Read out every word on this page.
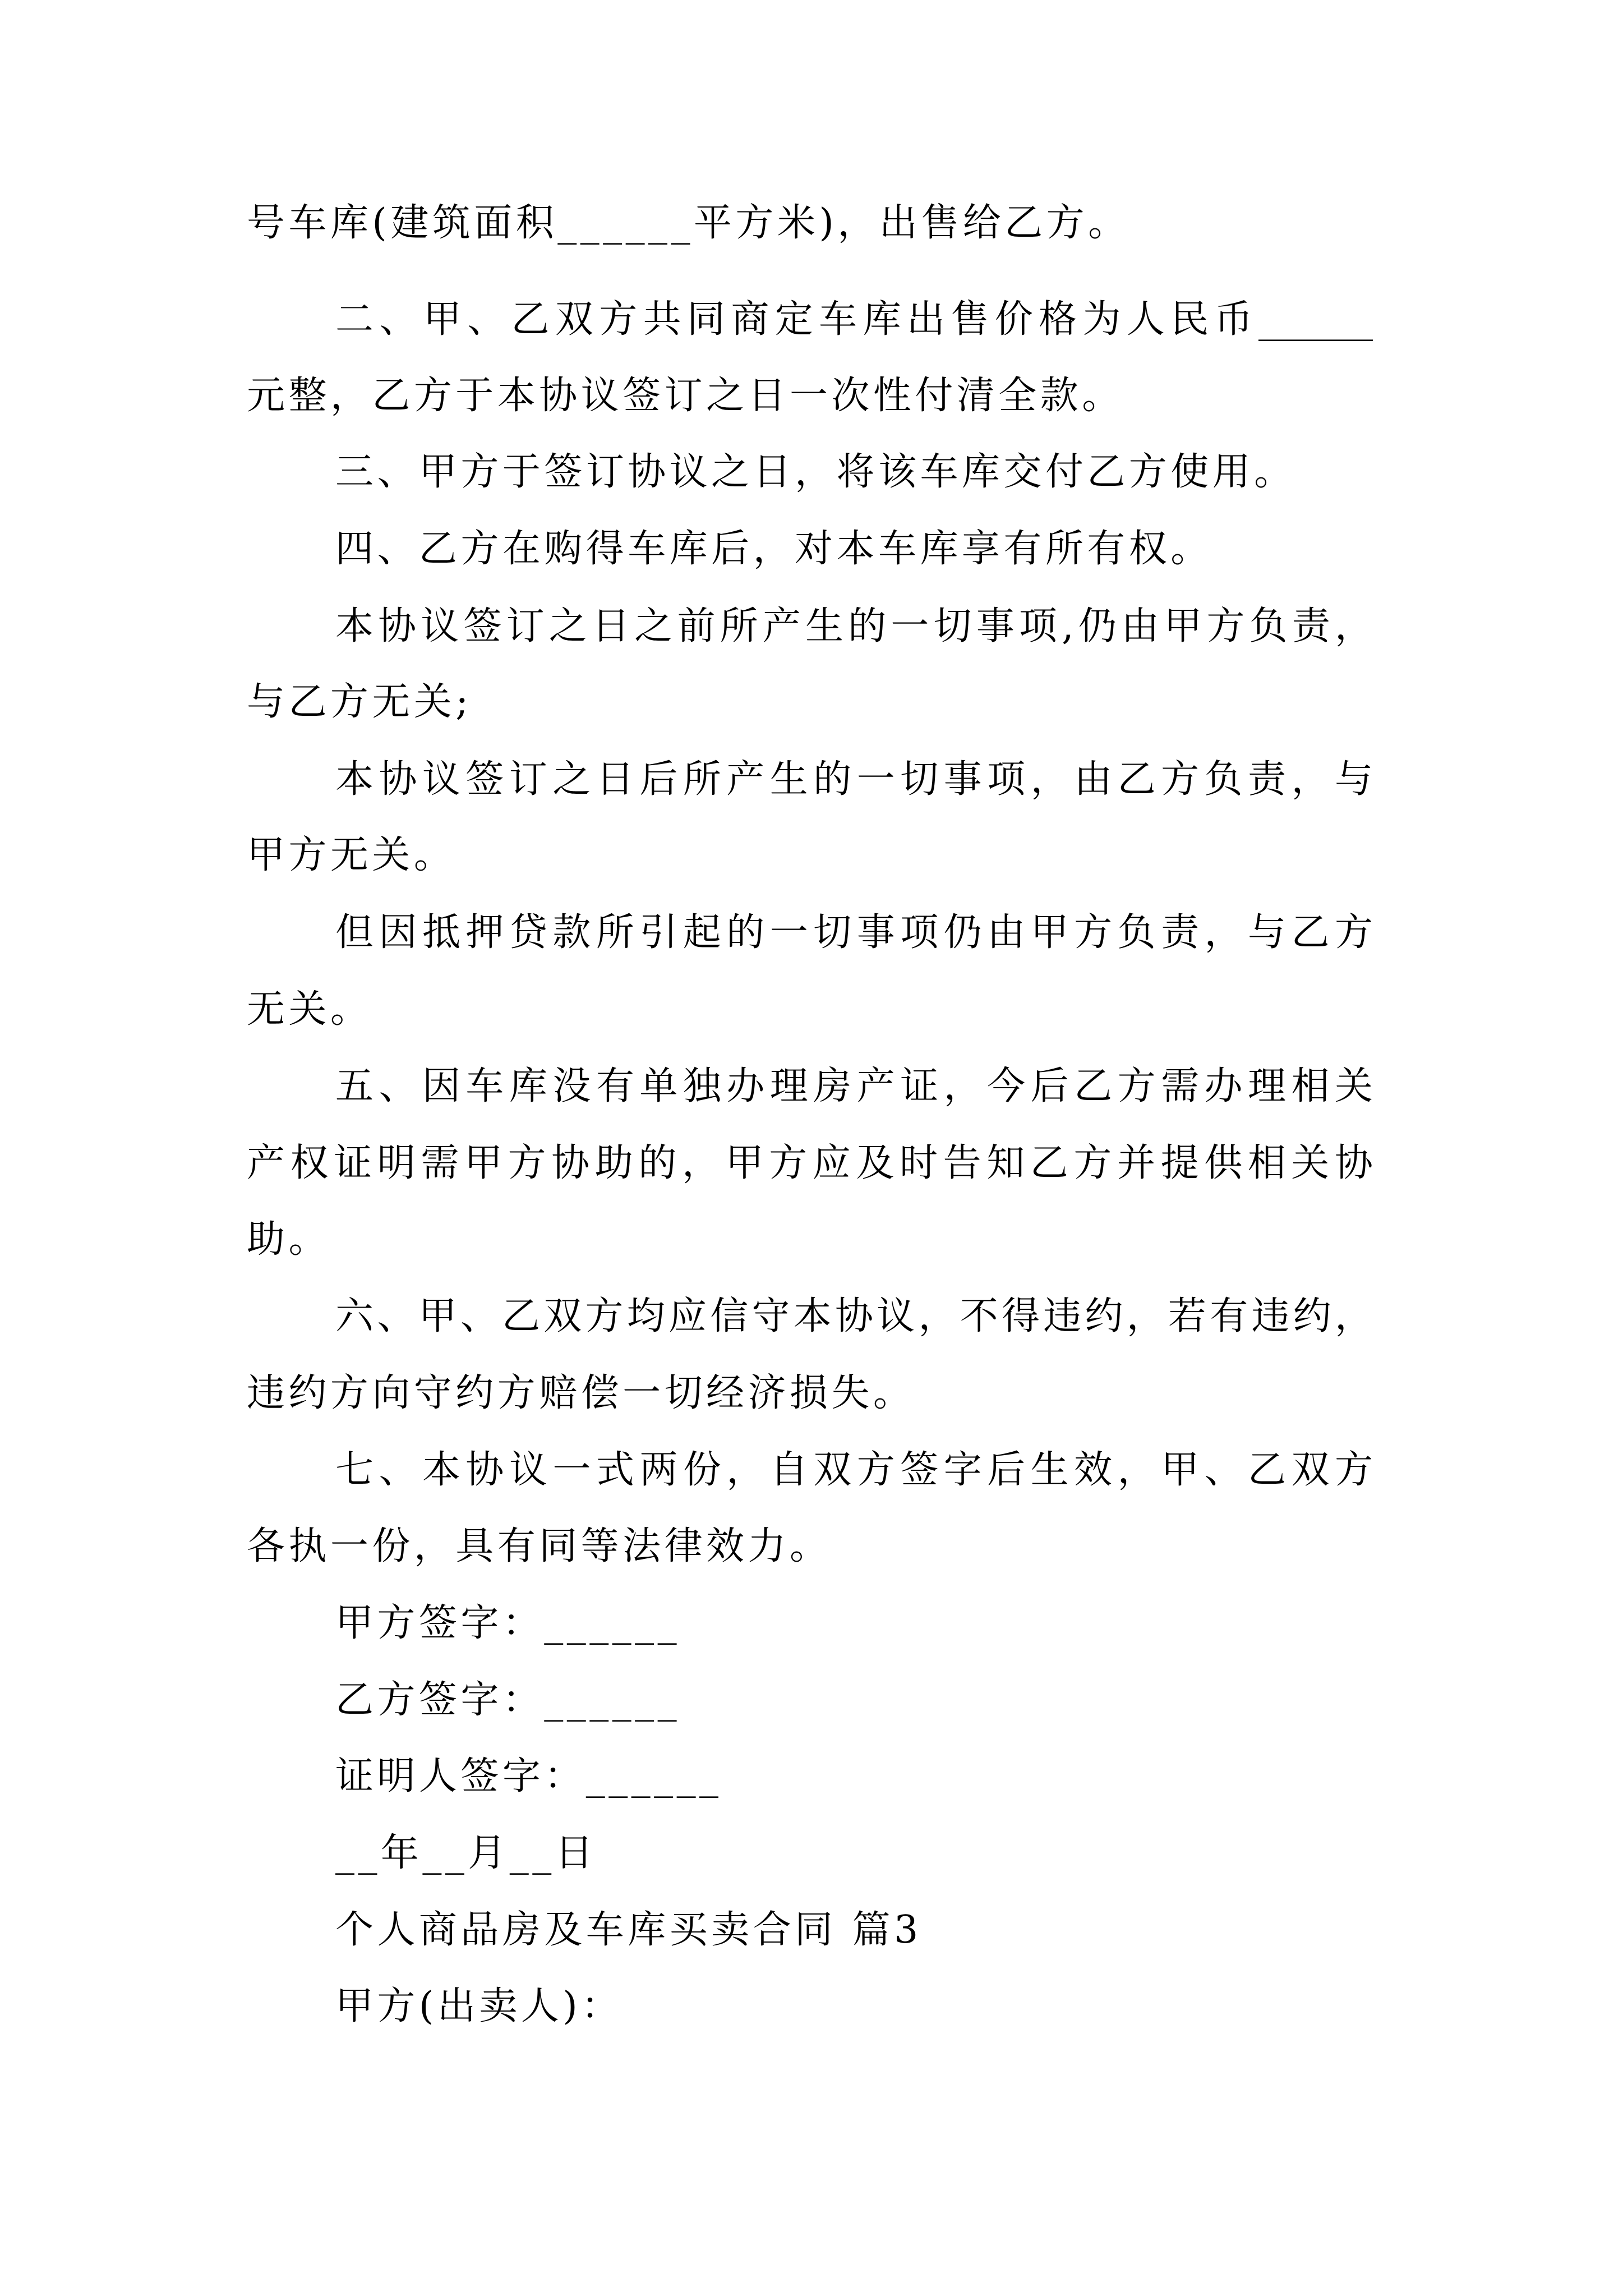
号车库(建筑面积______平方米)，出售给乙方。
二、甲、乙双方共同商定车库出售价格为人民币______
元整，乙方于本协议签订之日一次性付清全款。
三、甲方于签订协议之日，将该车库交付乙方使用。
四、乙方在购得车库后，对本车库享有所有权。
本协议签订之日之前所产生的一切事项,仍由甲方负责，
与乙方无关;
本协议签订之日后所产生的一切事项，由乙方负责，与
甲方无关。
但因抵押贷款所引起的一切事项仍由甲方负责，与乙方
无关。
五、因车库没有单独办理房产证，今后乙方需办理相关
产权证明需甲方协助的，甲方应及时告知乙方并提供相关协
助。
六、甲、乙双方均应信守本协议，不得违约，若有违约，
违约方向守约方赔偿一切经济损失。
七、本协议一式两份，自双方签字后生效，甲、乙双方
各执一份，具有同等法律效力。
甲方签字：______
乙方签字：______
证明人签字：______
__年__月__日
个人商品房及车库买卖合同 篇3
甲方(出卖人)：
